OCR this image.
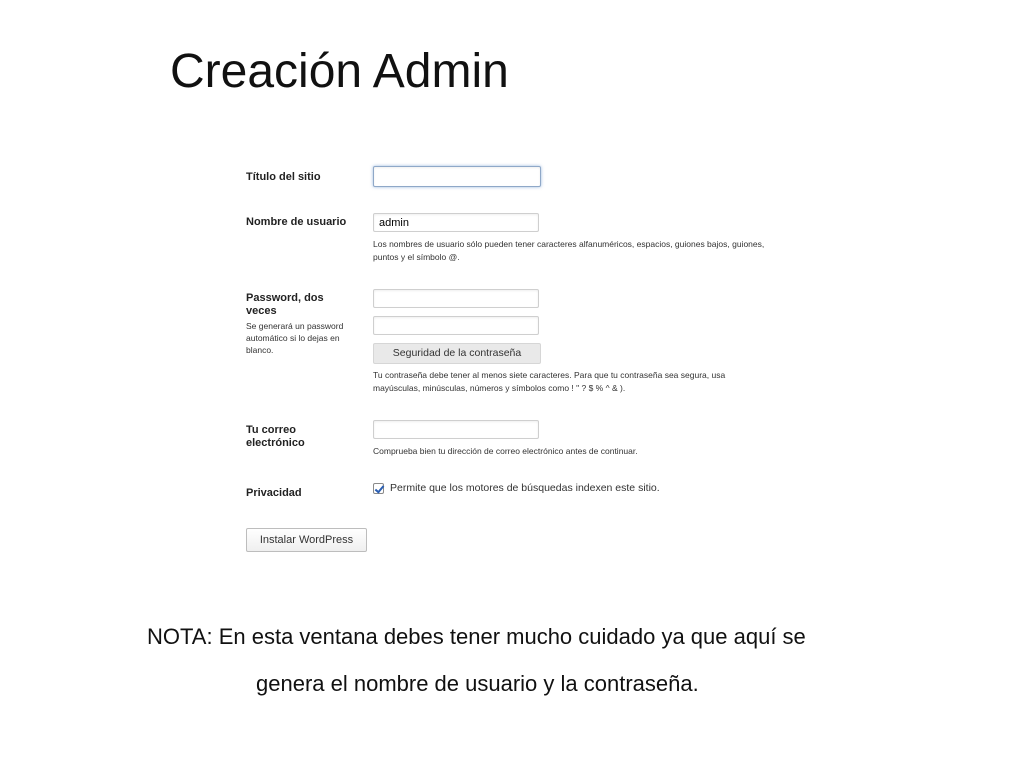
Creación Admin
Título del sitio
Nombre de usuario
admin
Los nombres de usuario sólo pueden tener caracteres alfanuméricos, espacios, guiones bajos, guiones,
puntos y el símbolo @.
Password, dos
veces
Se generará un password
automático si lo dejas en
blanco.	Seguridad de la contraseña
Tu contraseña debe tener al menos siete caracteres. Para que tu contraseña sea segura, usa
mayúsculas, minúsculas, números y símbolos como ! " ? $ % ^ & ).
Tu correo
electrónico
Comprueba bien tu dirección de correo electrónico antes de continuar.
Privacidad	Permite que los motores de búsquedas indexen este sitio.
Instalar WordPress
NOTA: En esta ventana debes tener mucho cuidado ya que aquí se
genera el nombre de usuario y la contraseña.
